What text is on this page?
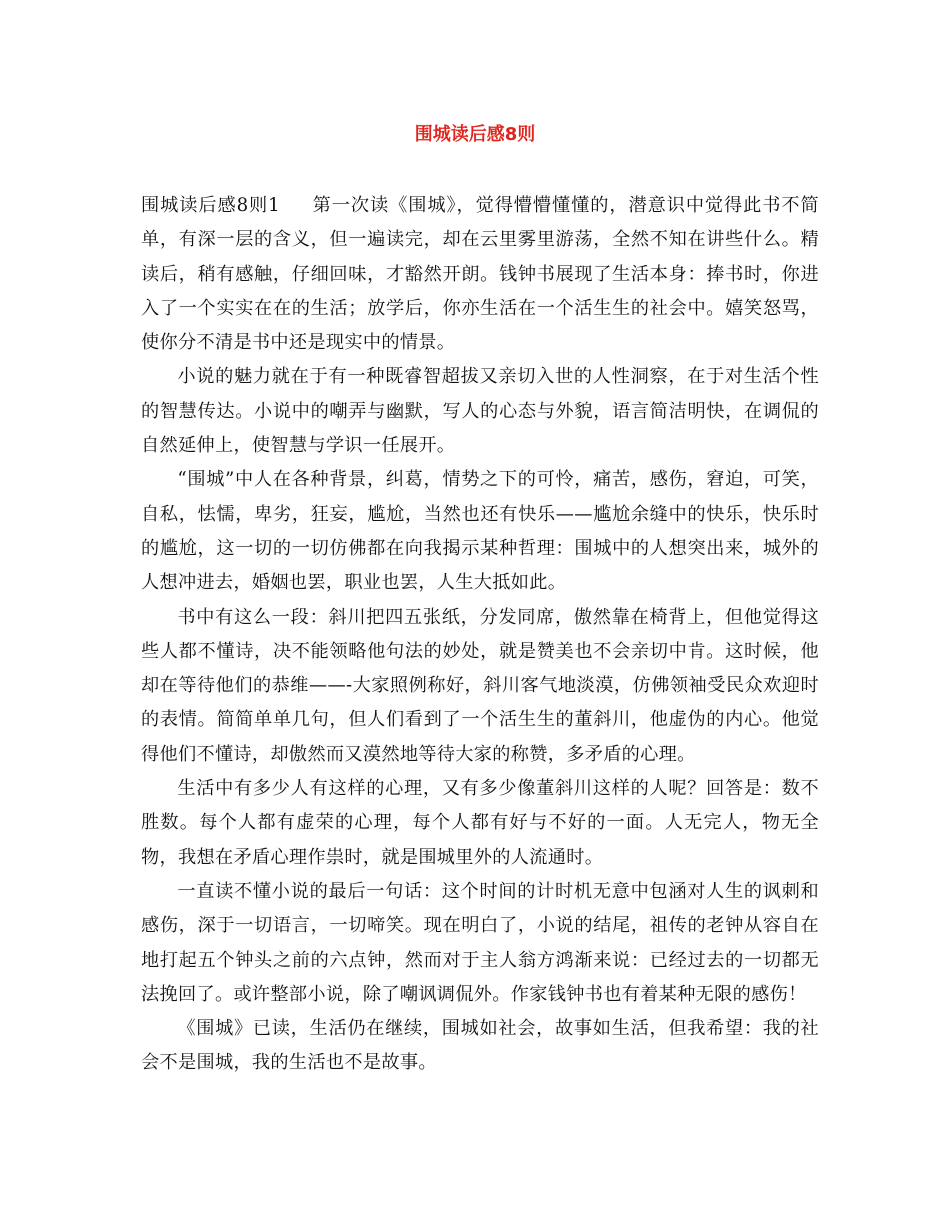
围城读后感8则

围城读后感8则1 第一次读《围城》，觉得懵懵懂懂的，潜意识中觉得此书不简单，有深一层的含义，但一遍读完，却在云里雾里游荡，全然不知在讲些什么。精读后，稍有感触，仔细回味，才豁然开朗。钱钟书展现了生活本身：捧书时，你进入了一个实实在在的生活；放学后，你亦生活在一个活生生的社会中。嬉笑怒骂，使你分不清是书中还是现实中的情景。

小说的魅力就在于有一种既睿智超拔又亲切入世的人性洞察，在于对生活个性的智慧传达。小说中的嘲弄与幽默，写人的心态与外貌，语言简洁明快，在调侃的自然延伸上，使智慧与学识一任展开。

“围城”中人在各种背景，纠葛，情势之下的可怜，痛苦，感伤，窘迫，可笑，自私，怯懦，卑劣，狂妄，尴尬，当然也还有快乐——尴尬余缝中的快乐，快乐时的尴尬，这一切的一切仿佛都在向我揭示某种哲理：围城中的人想突出来，城外的人想冲进去，婚姻也罢，职业也罢，人生大抵如此。

书中有这么一段：斜川把四五张纸，分发同席，傲然靠在椅背上，但他觉得这些人都不懂诗，决不能领略他句法的妙处，就是赞美也不会亲切中肯。这时候，他却在等待他们的恭维——-大家照例称好，斜川客气地淡漠，仿佛领袖受民众欢迎时的表情。简简单单几句，但人们看到了一个活生生的董斜川，他虚伪的内心。他觉得他们不懂诗，却傲然而又漠然地等待大家的称赞，多矛盾的心理。

生活中有多少人有这样的心理，又有多少像董斜川这样的人呢？回答是：数不胜数。每个人都有虚荣的心理，每个人都有好与不好的一面。人无完人，物无全物，我想在矛盾心理作祟时，就是围城里外的人流通时。

一直读不懂小说的最后一句话：这个时间的计时机无意中包涵对人生的讽刺和感伤，深于一切语言，一切啼笑。现在明白了，小说的结尾，祖传的老钟从容自在地打起五个钟头之前的六点钟，然而对于主人翁方鸿渐来说：已经过去的一切都无法挽回了。或许整部小说，除了嘲讽调侃外。作家钱钟书也有着某种无限的感伤！

《围城》已读，生活仍在继续，围城如社会，故事如生活，但我希望：我的社会不是围城，我的生活也不是故事。
